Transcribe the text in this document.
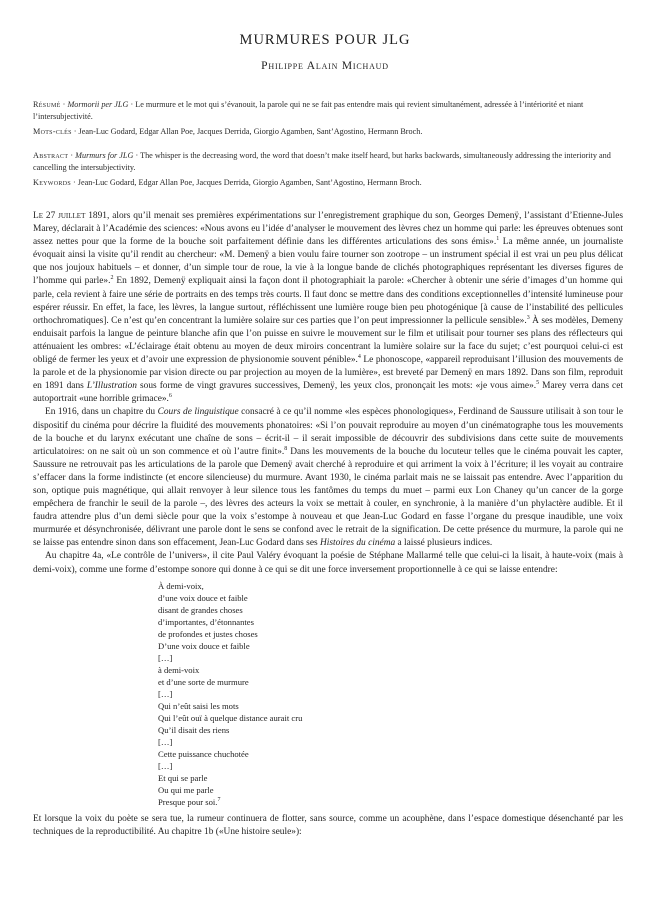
MURMURES POUR JLG
Philippe Alain Michaud
Résumé · Mormorii per JLG · Le murmure et le mot qui s’évanouit, la parole qui ne se fait pas entendre mais qui revient simultanément, adressée à l’intériorité et niant l’intersubjectivité.
Mots-clés · Jean-Luc Godard, Edgar Allan Poe, Jacques Derrida, Giorgio Agamben, Sant’Agostino, Hermann Broch.
Abstract · Murmurs for JLG · The whisper is the decreasing word, the word that doesn’t make itself heard, but harks backwards, simultaneously addressing the interiority and cancelling the intersubjectivity.
Keywords · Jean-Luc Godard, Edgar Allan Poe, Jacques Derrida, Giorgio Agamben, Sant’Agostino, Hermann Broch.

Le 27 juillet 1891, alors qu’il menait ses premières expérimentations sur l’enregistrement graphique du son, Georges Demenÿ, l’assistant d’Etienne-Jules Marey, déclarait à l’Académie des sciences: «Nous avons eu l’idée d’analyser le mouvement des lèvres chez un homme qui parle: les épreuves obtenues sont assez nettes pour que la forme de la bouche soit parfaitement définie dans les différentes articulations des sons émis».$^1$ La même année, un journaliste évoquait ainsi la visite qu’il rendit au chercheur: «M. Demenÿ a bien voulu faire tourner son zootrope – un instrument spécial il est vrai un peu plus délicat que nos joujoux habituels – et donner, d’un simple tour de roue, la vie à la longue bande de clichés photographiques représentant les diverses figures de l’homme qui parle».$^2$ En 1892, Demenÿ expliquait ainsi la façon dont il photographiait la parole: «Chercher à obtenir une série d’images d’un homme qui parle, cela revient à faire une série de portraits en des temps très courts. Il faut donc se mettre dans des conditions exceptionnelles d’intensité lumineuse pour espérer réussir. En effet, la face, les lèvres, la langue surtout, réfléchissent une lumière rouge bien peu photogénique [à cause de l’instabilité des pellicules orthochromatiques]. Ce n’est qu’en concentrant la lumière solaire sur ces parties que l’on peut impressionner la pellicule sensible».$^3$ À ses modèles, Demeny enduisait parfois la langue de peinture blanche afin que l’on puisse en suivre le mouvement sur le film et utilisait pour tourner ses plans des réflecteurs qui atténuaient les ombres: «L’éclairage était obtenu au moyen de deux miroirs concentrant la lumière solaire sur la face du sujet; c’est pourquoi celui-ci est obligé de fermer les yeux et d’avoir une expression de physionomie souvent pénible».$^4$ Le phonoscope, «appareil reproduisant l’illusion des mouvements de la parole et de la physionomie par vision directe ou par projection au moyen de la lumière», est breveté par Demenÿ en mars 1892. Dans son film, reproduit en 1891 dans L’Illustration sous forme de vingt gravures successives, Demenÿ, les yeux clos, prononçait les mots: «je vous aime».$^5$ Marey verra dans cet autoportrait «une horrible grimace».$^6$

En 1916, dans un chapitre du Cours de linguistique consacré à ce qu’il nomme «les espèces phonologiques», Ferdinand de Saussure utilisait à son tour le dispositif du cinéma pour décrire la fluidité des mouvements phonatoires: «Si l’on pouvait reproduire au moyen d’un cinématographe tous les mouvements de la bouche et du larynx exécutant une chaîne de sons – écrit-il – il serait impossible de découvrir des subdivisions dans cette suite de mouvements articulatoires: on ne sait où un son commence et où l’autre finit».$^8$ Dans les mouvements de la bouche du locuteur telles que le cinéma pouvait les capter, Saussure ne retrouvait pas les articulations de la parole que Demenÿ avait cherché à reproduire et qui arriment la voix à l’écriture; il les voyait au contraire s’effacer dans la forme indistincte (et encore silencieuse) du murmure. Avant 1930, le cinéma parlait mais ne se laissait pas entendre. Avec l’apparition du son, optique puis magnétique, qui allait renvoyer à leur silence tous les fantômes du temps du muet – parmi eux Lon Chaney qu’un cancer de la gorge empêchera de franchir le seuil de la parole –, des lèvres des acteurs la voix se mettait à couler, en synchronie, à la manière d’un phylactère audible. Et il faudra attendre plus d’un demi siècle pour que la voix s’estompe à nouveau et que Jean-Luc Godard en fasse l’organe du presque inaudible, une voix murmurée et désynchronisée, délivrant une parole dont le sens se confond avec le retrait de la signification. De cette présence du murmure, la parole qui ne se laisse pas entendre sinon dans son effacement, Jean-Luc Godard dans ses Histoires du cinéma a laissé plusieurs indices.

Au chapitre 4a, «Le contrôle de l’univers», il cite Paul Valéry évoquant la poésie de Stéphane Mallarmé telle que celui-ci la lisait, à haute-voix (mais à demi-voix), comme une forme d’estompe sonore qui donne à ce qui se dit une force inversement proportionnelle à ce qui se laisse entendre:

À demi-voix,
d’une voix douce et faible
disant de grandes choses
d’importantes, d’étonnantes
de profondes et justes choses
D’une voix douce et faible
[…]
à demi-voix
et d’une sorte de murmure
[…]
Qui n’eût saisi les mots
Qui l’eût ouï à quelque distance aurait cru
Qu’il disait des riens
[…]
Cette puissance chuchotée
[…]
Et qui se parle
Ou qui me parle
Presque pour soi.$^7$

Et lorsque la voix du poète se sera tue, la rumeur continuera de flotter, sans source, comme un acouphène, dans l’espace domestique désenchanté par les techniques de la reproductibilité. Au chapitre 1b («Une histoire seule»):
